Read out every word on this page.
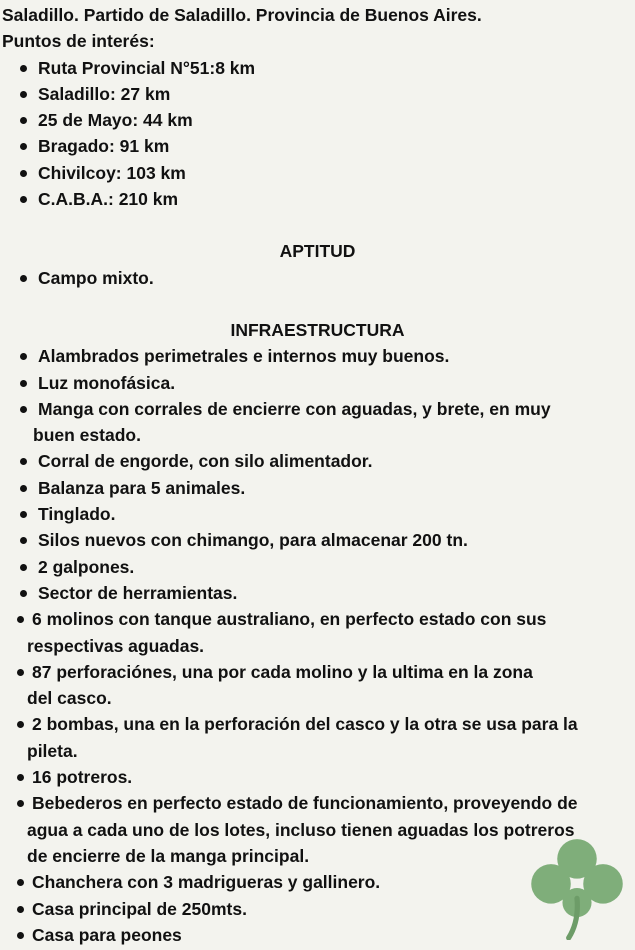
Saladillo. Partido de Saladillo. Provincia de Buenos Aires.
Puntos de interés:
Ruta Provincial N°51:8 km
Saladillo: 27 km
25 de Mayo: 44 km
Bragado: 91 km
Chivilcoy: 103 km
C.A.B.A.: 210 km
APTITUD
Campo mixto.
INFRAESTRUCTURA
Alambrados perimetrales e internos muy buenos.
Luz monofásica.
Manga con corrales de encierre con aguadas, y brete, en muy
buen estado.
Corral de engorde, con silo alimentador.
Balanza para 5 animales.
Tinglado.
Silos nuevos con chimango, para almacenar 200 tn.
2 galpones.
Sector de herramientas.
6 molinos con tanque australiano, en perfecto estado con sus
respectivas aguadas.
87 perforaciónes, una por cada molino y la ultima en la zona
del casco.
2 bombas, una en la perforación del casco y la otra se usa para la
pileta.
16 potreros.
Bebederos en perfecto estado de funcionamiento, proveyendo de
agua a cada uno de los lotes, incluso tienen aguadas los potreros
de encierre de la manga principal.
Chanchera con 3 madrigueras y gallinero.
Casa principal de 250mts.
Casa para peones
